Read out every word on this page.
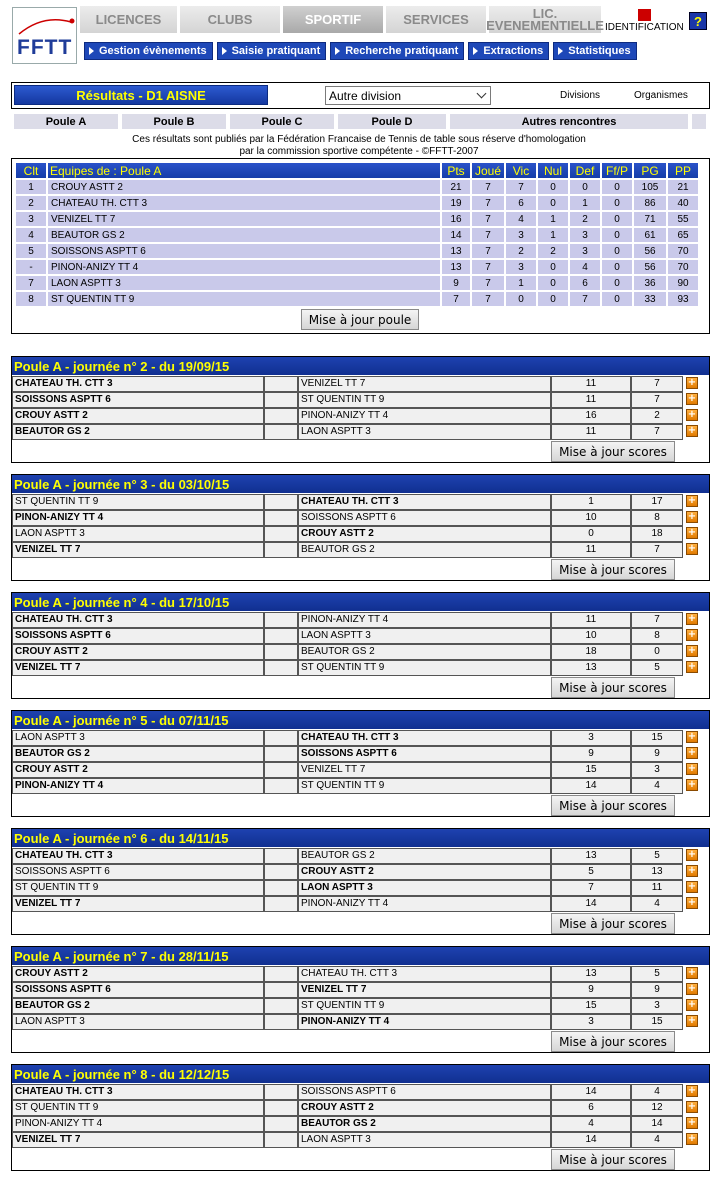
FFTT
LICENCES	CLUBS	SPORTIF	SERVICES	LIC. EVENEMENTIELLE IDENTIFICATION ?
Gestion évènements	Saisie pratiquant	Recherche pratiquant	Extractions	Statistiques
Résultats - D1 AISNE	Autre division	Divisions	Organismes
Poule A	Poule B	Poule C	Poule D	Autres rencontres
Ces résultats sont publiés par la Fédération Francaise de Tennis de table sous réserve d'homologation
par la commission sportive compétente - ©FFTT-2007
Clt	Equipes de : Poule A	Pts	Joué	Vic	Nul	Def	Ff/P	PG	PP
1	CROUY ASTT 2	21	7	7	0	0	0	105	21
2	CHATEAU TH. CTT 3	19	7	6	0	1	0	86	40
3	VENIZEL TT 7	16	7	4	1	2	0	71	55
4	BEAUTOR GS 2	14	7	3	1	3	0	61	65
5	SOISSONS ASPTT 6	13	7	2	2	3	0	56	70
-	PINON-ANIZY TT 4	13	7	3	0	4	0	56	70
7	LAON ASPTT 3	9	7	1	0	6	0	36	90
8	ST QUENTIN TT 9	7	7	0	0	7	0	33	93
Mise à jour poule
Poule A - journée n° 2 - du 19/09/15
CHATEAU TH. CTT 3	VENIZEL TT 7	11	7	+
SOISSONS ASPTT 6	ST QUENTIN TT 9	11	7	+
CROUY ASTT 2	PINON-ANIZY TT 4	16	2	+
BEAUTOR GS 2	LAON ASPTT 3	11	7	+
Mise à jour scores
Poule A - journée n° 3 - du 03/10/15
ST QUENTIN TT 9	CHATEAU TH. CTT 3	1	17	+
PINON-ANIZY TT 4	SOISSONS ASPTT 6	10	8	+
LAON ASPTT 3	CROUY ASTT 2	0	18	+
VENIZEL TT 7	BEAUTOR GS 2	11	7	+
Mise à jour scores
Poule A - journée n° 4 - du 17/10/15
CHATEAU TH. CTT 3	PINON-ANIZY TT 4	11	7	+
SOISSONS ASPTT 6	LAON ASPTT 3	10	8	+
CROUY ASTT 2	BEAUTOR GS 2	18	0	+
VENIZEL TT 7	ST QUENTIN TT 9	13	5	+
Mise à jour scores
Poule A - journée n° 5 - du 07/11/15
LAON ASPTT 3	CHATEAU TH. CTT 3	3	15	+
BEAUTOR GS 2	SOISSONS ASPTT 6	9	9	+
CROUY ASTT 2	VENIZEL TT 7	15	3	+
PINON-ANIZY TT 4	ST QUENTIN TT 9	14	4	+
Mise à jour scores
Poule A - journée n° 6 - du 14/11/15
CHATEAU TH. CTT 3	BEAUTOR GS 2	13	5	+
SOISSONS ASPTT 6	CROUY ASTT 2	5	13	+
ST QUENTIN TT 9	LAON ASPTT 3	7	11	+
VENIZEL TT 7	PINON-ANIZY TT 4	14	4	+
Mise à jour scores
Poule A - journée n° 7 - du 28/11/15
CROUY ASTT 2	CHATEAU TH. CTT 3	13	5	+
SOISSONS ASPTT 6	VENIZEL TT 7	9	9	+
BEAUTOR GS 2	ST QUENTIN TT 9	15	3	+
LAON ASPTT 3	PINON-ANIZY TT 4	3	15	+
Mise à jour scores
Poule A - journée n° 8 - du 12/12/15
CHATEAU TH. CTT 3	SOISSONS ASPTT 6	14	4	+
ST QUENTIN TT 9	CROUY ASTT 2	6	12	+
PINON-ANIZY TT 4	BEAUTOR GS 2	4	14	+
VENIZEL TT 7	LAON ASPTT 3	14	4	+
Mise à jour scores
